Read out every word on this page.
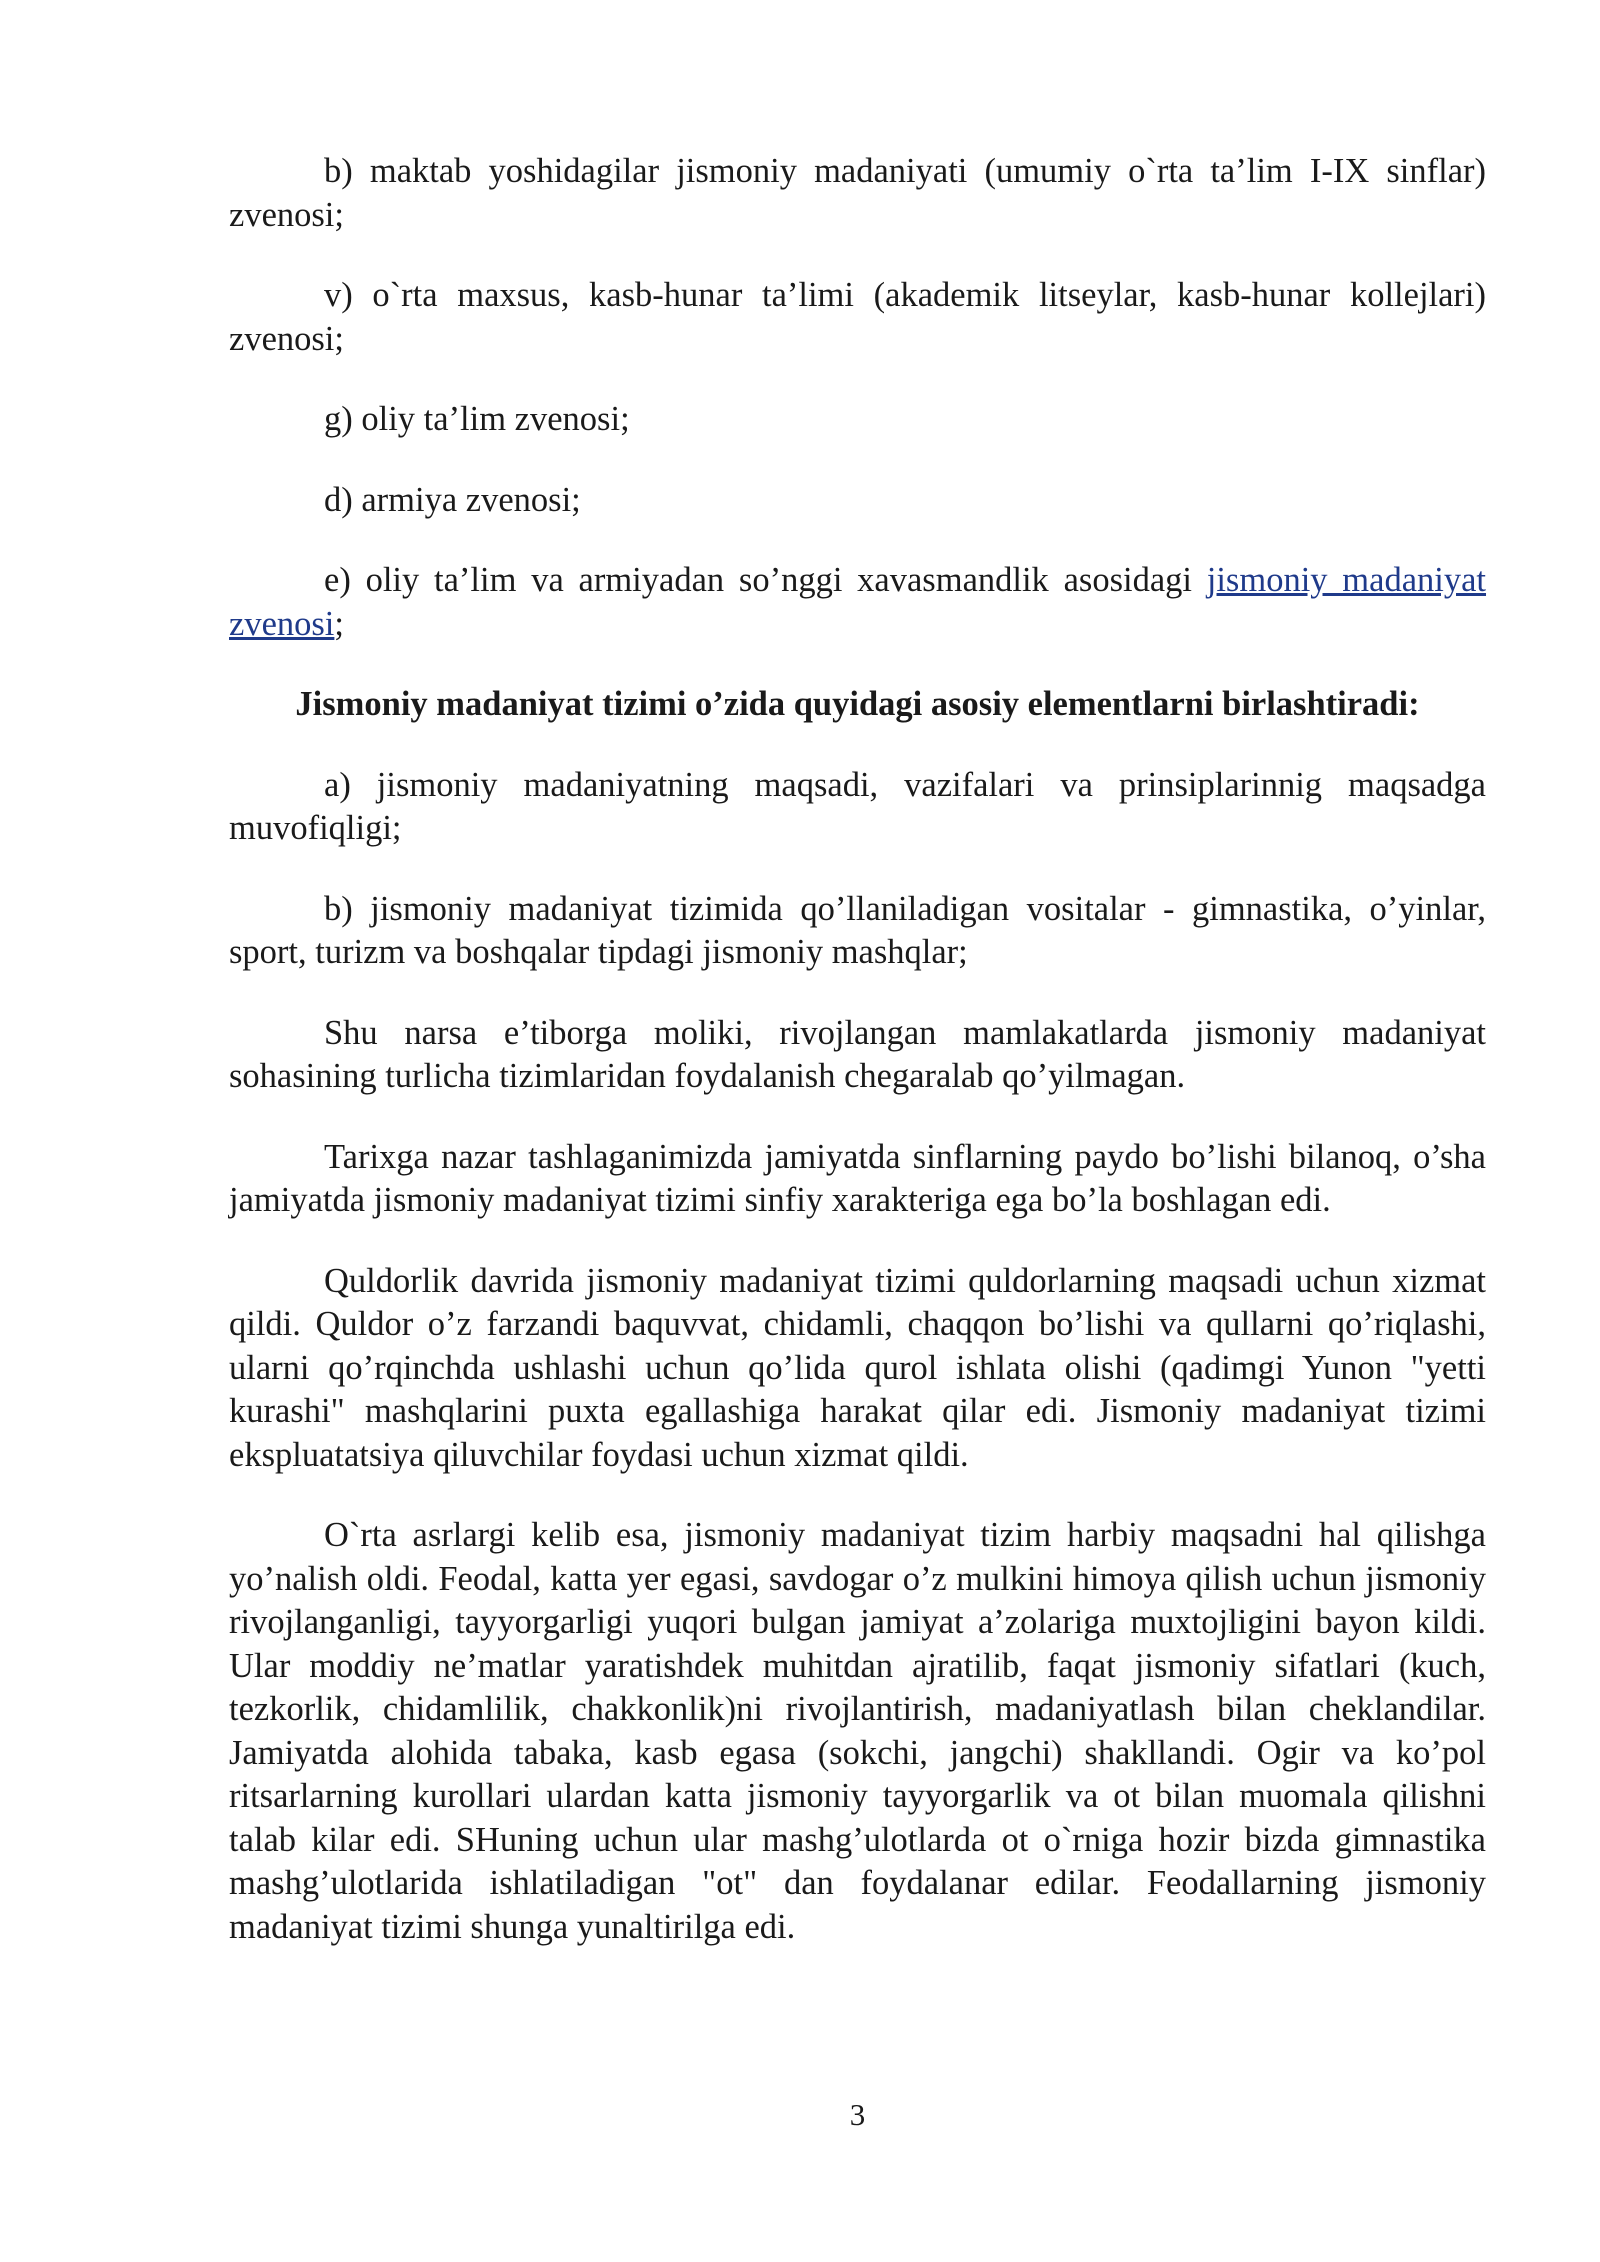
b) maktab yoshidagilar jismoniy madaniyati (umumiy o`rta ta’lim I-IX sinflar) zvenosi;

v) o`rta maxsus, kasb-hunar ta’limi (akademik litseylar, kasb-hunar kollejlari) zvenosi;

g) oliy ta’lim zvenosi;

d) armiya zvenosi;

e) oliy ta’lim va armiyadan so’nggi xavasmandlik asosidagi jismoniy madaniyat zvenosi;

Jismoniy madaniyat tizimi o’zida quyidagi asosiy elementlarni birlashtiradi:

a) jismoniy madaniyatning maqsadi, vazifalari va prinsiplarinnig maqsadga muvofiqligi;

b) jismoniy madaniyat tizimida qo’llaniladigan vositalar - gimnastika, o’yinlar, sport, turizm va boshqalar tipdagi jismoniy mashqlar;

Shu narsa e’tiborga moliki, rivojlangan mamlakatlarda jismoniy madaniyat sohasining turlicha tizimlaridan foydalanish chegaralab qo’yilmagan.

Tarixga nazar tashlaganimizda jamiyatda sinflarning paydo bo’lishi bilanoq, o’sha jamiyatda jismoniy madaniyat tizimi sinfiy xarakteriga ega bo’la boshlagan edi.

Quldorlik davrida jismoniy madaniyat tizimi quldorlarning maqsadi uchun xizmat qildi. Quldor o’z farzandi baquvvat, chidamli, chaqqon bo’lishi va qullarni qo’riqlashi, ularni qo’rqinchda ushlashi uchun qo’lida qurol ishlata olishi (qadimgi Yunon "yetti kurashi" mashqlarini puxta egallashiga harakat qilar edi. Jismoniy madaniyat tizimi ekspluatatsiya qiluvchilar foydasi uchun xizmat qildi.

O`rta asrlargi kelib esa, jismoniy madaniyat tizim harbiy maqsadni hal qilishga yo’nalish oldi. Feodal, katta yer egasi, savdogar o’z mulkini himoya qilish uchun jismoniy rivojlanganligi, tayyorgarligi yuqori bulgan jamiyat a’zolariga muxtojligini bayon kildi. Ular moddiy ne’matlar yaratishdek muhitdan ajratilib, faqat jismoniy sifatlari (kuch, tezkorlik, chidamlilik, chakkonlik)ni rivojlantirish, madaniyatlash bilan cheklandilar. Jamiyatda alohida tabaka, kasb egasa (sokchi, jangchi) shakllandi. Ogir va ko’pol ritsarlarning kurollari ulardan katta jismoniy tayyorgarlik va ot bilan muomala qilishni talab kilar edi. SHuning uchun ular mashg’ulotlarda ot o`rniga hozir bizda gimnastika mashg’ulotlarida ishlatiladigan "ot" dan foydalanar edilar. Feodallarning jismoniy madaniyat tizimi shunga yunaltirilga edi.

3
